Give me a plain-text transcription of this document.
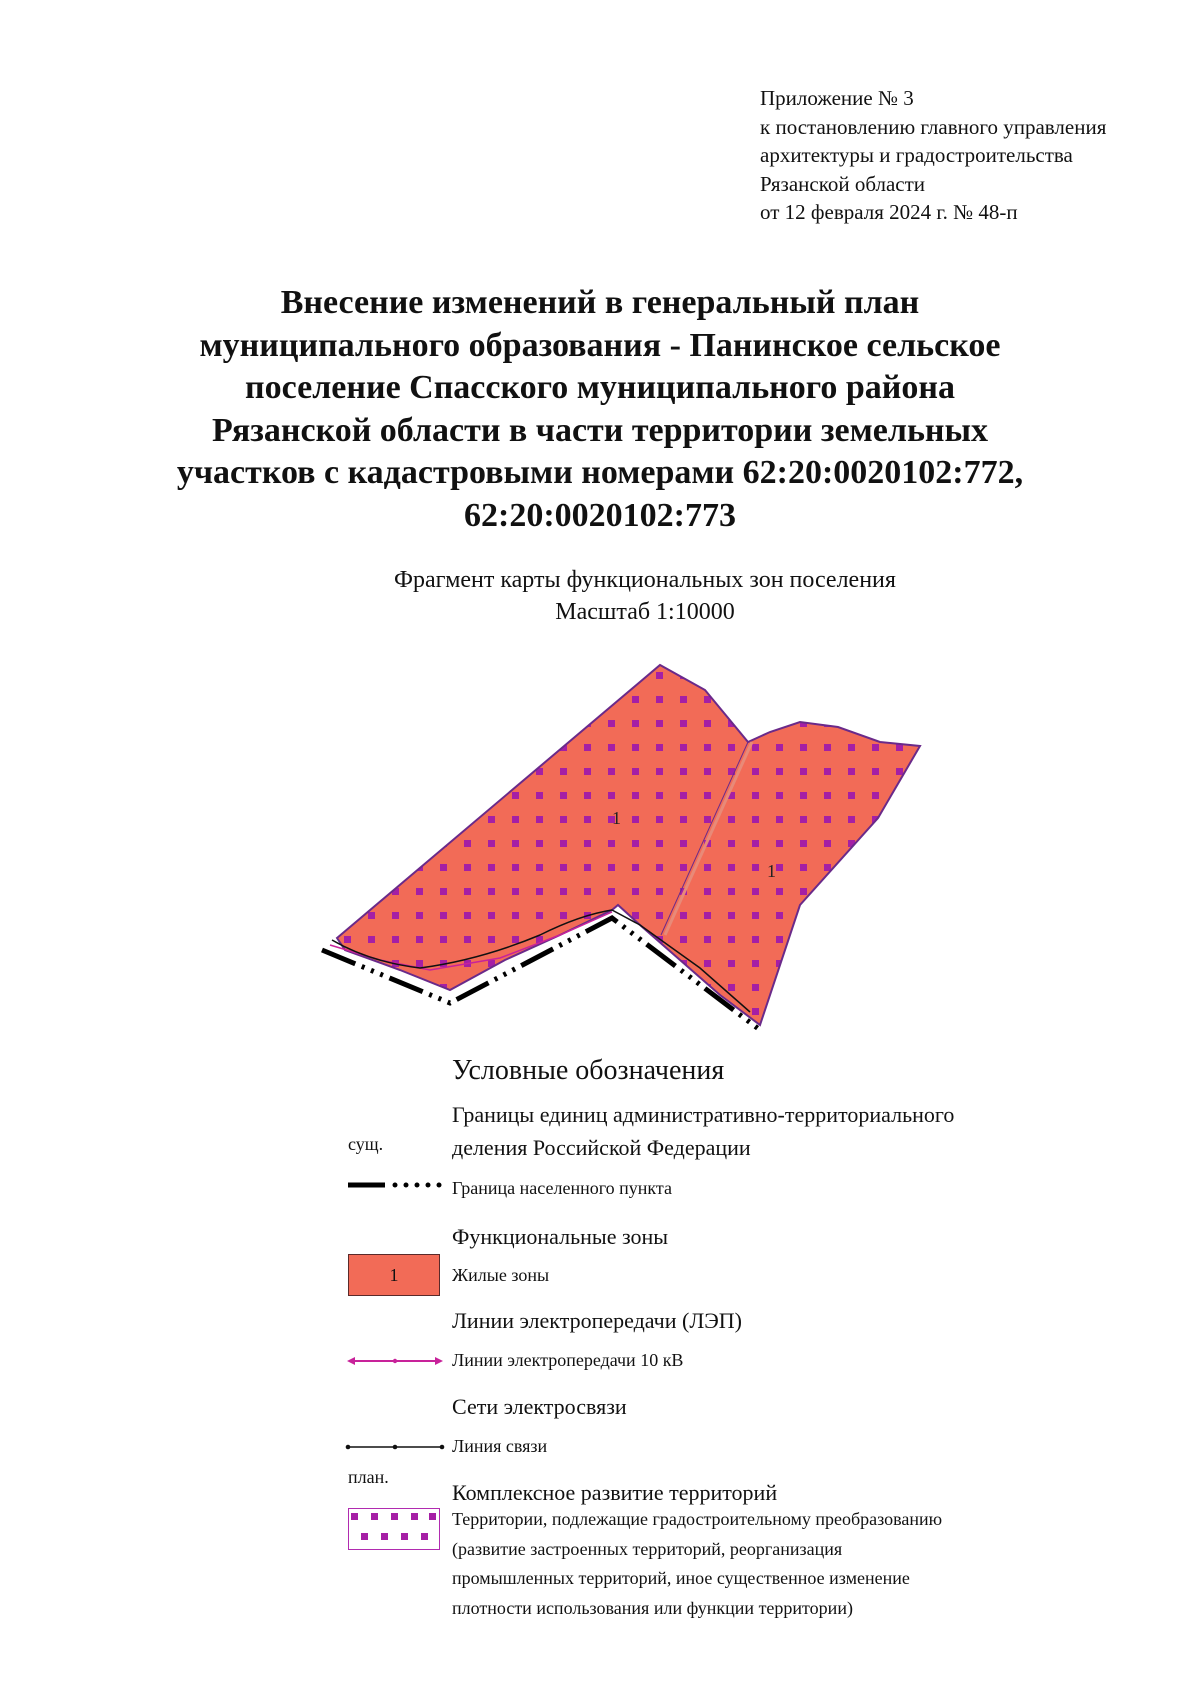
Приложение № 3
к постановлению главного управления
архитектуры и градостроительства
Рязанской области
от 12 февраля 2024 г. № 48-п
Внесение изменений в генеральный план
муниципального образования - Панинское сельское
поселение Спасского муниципального района
Рязанской области в части территории земельных
участков с кадастровыми номерами 62:20:0020102:772,
62:20:0020102:773
Фрагмент карты функциональных зон поселения
Масштаб 1:10000
1
1
Условные обозначения
Границы единиц административно-территориального
деления Российской Федерации
сущ.
Граница населенного пункта
Функциональные зоны
1	Жилые зоны
Линии электропередачи (ЛЭП)
Линии электропередачи 10 кВ
Сети электросвязи
Линия связи
план.
Комплексное развитие территорий
Территории, подлежащие градостроительному преобразованию
(развитие застроенных территорий, реорганизация
промышленных территорий, иное существенное изменение
плотности использования или функции территории)
